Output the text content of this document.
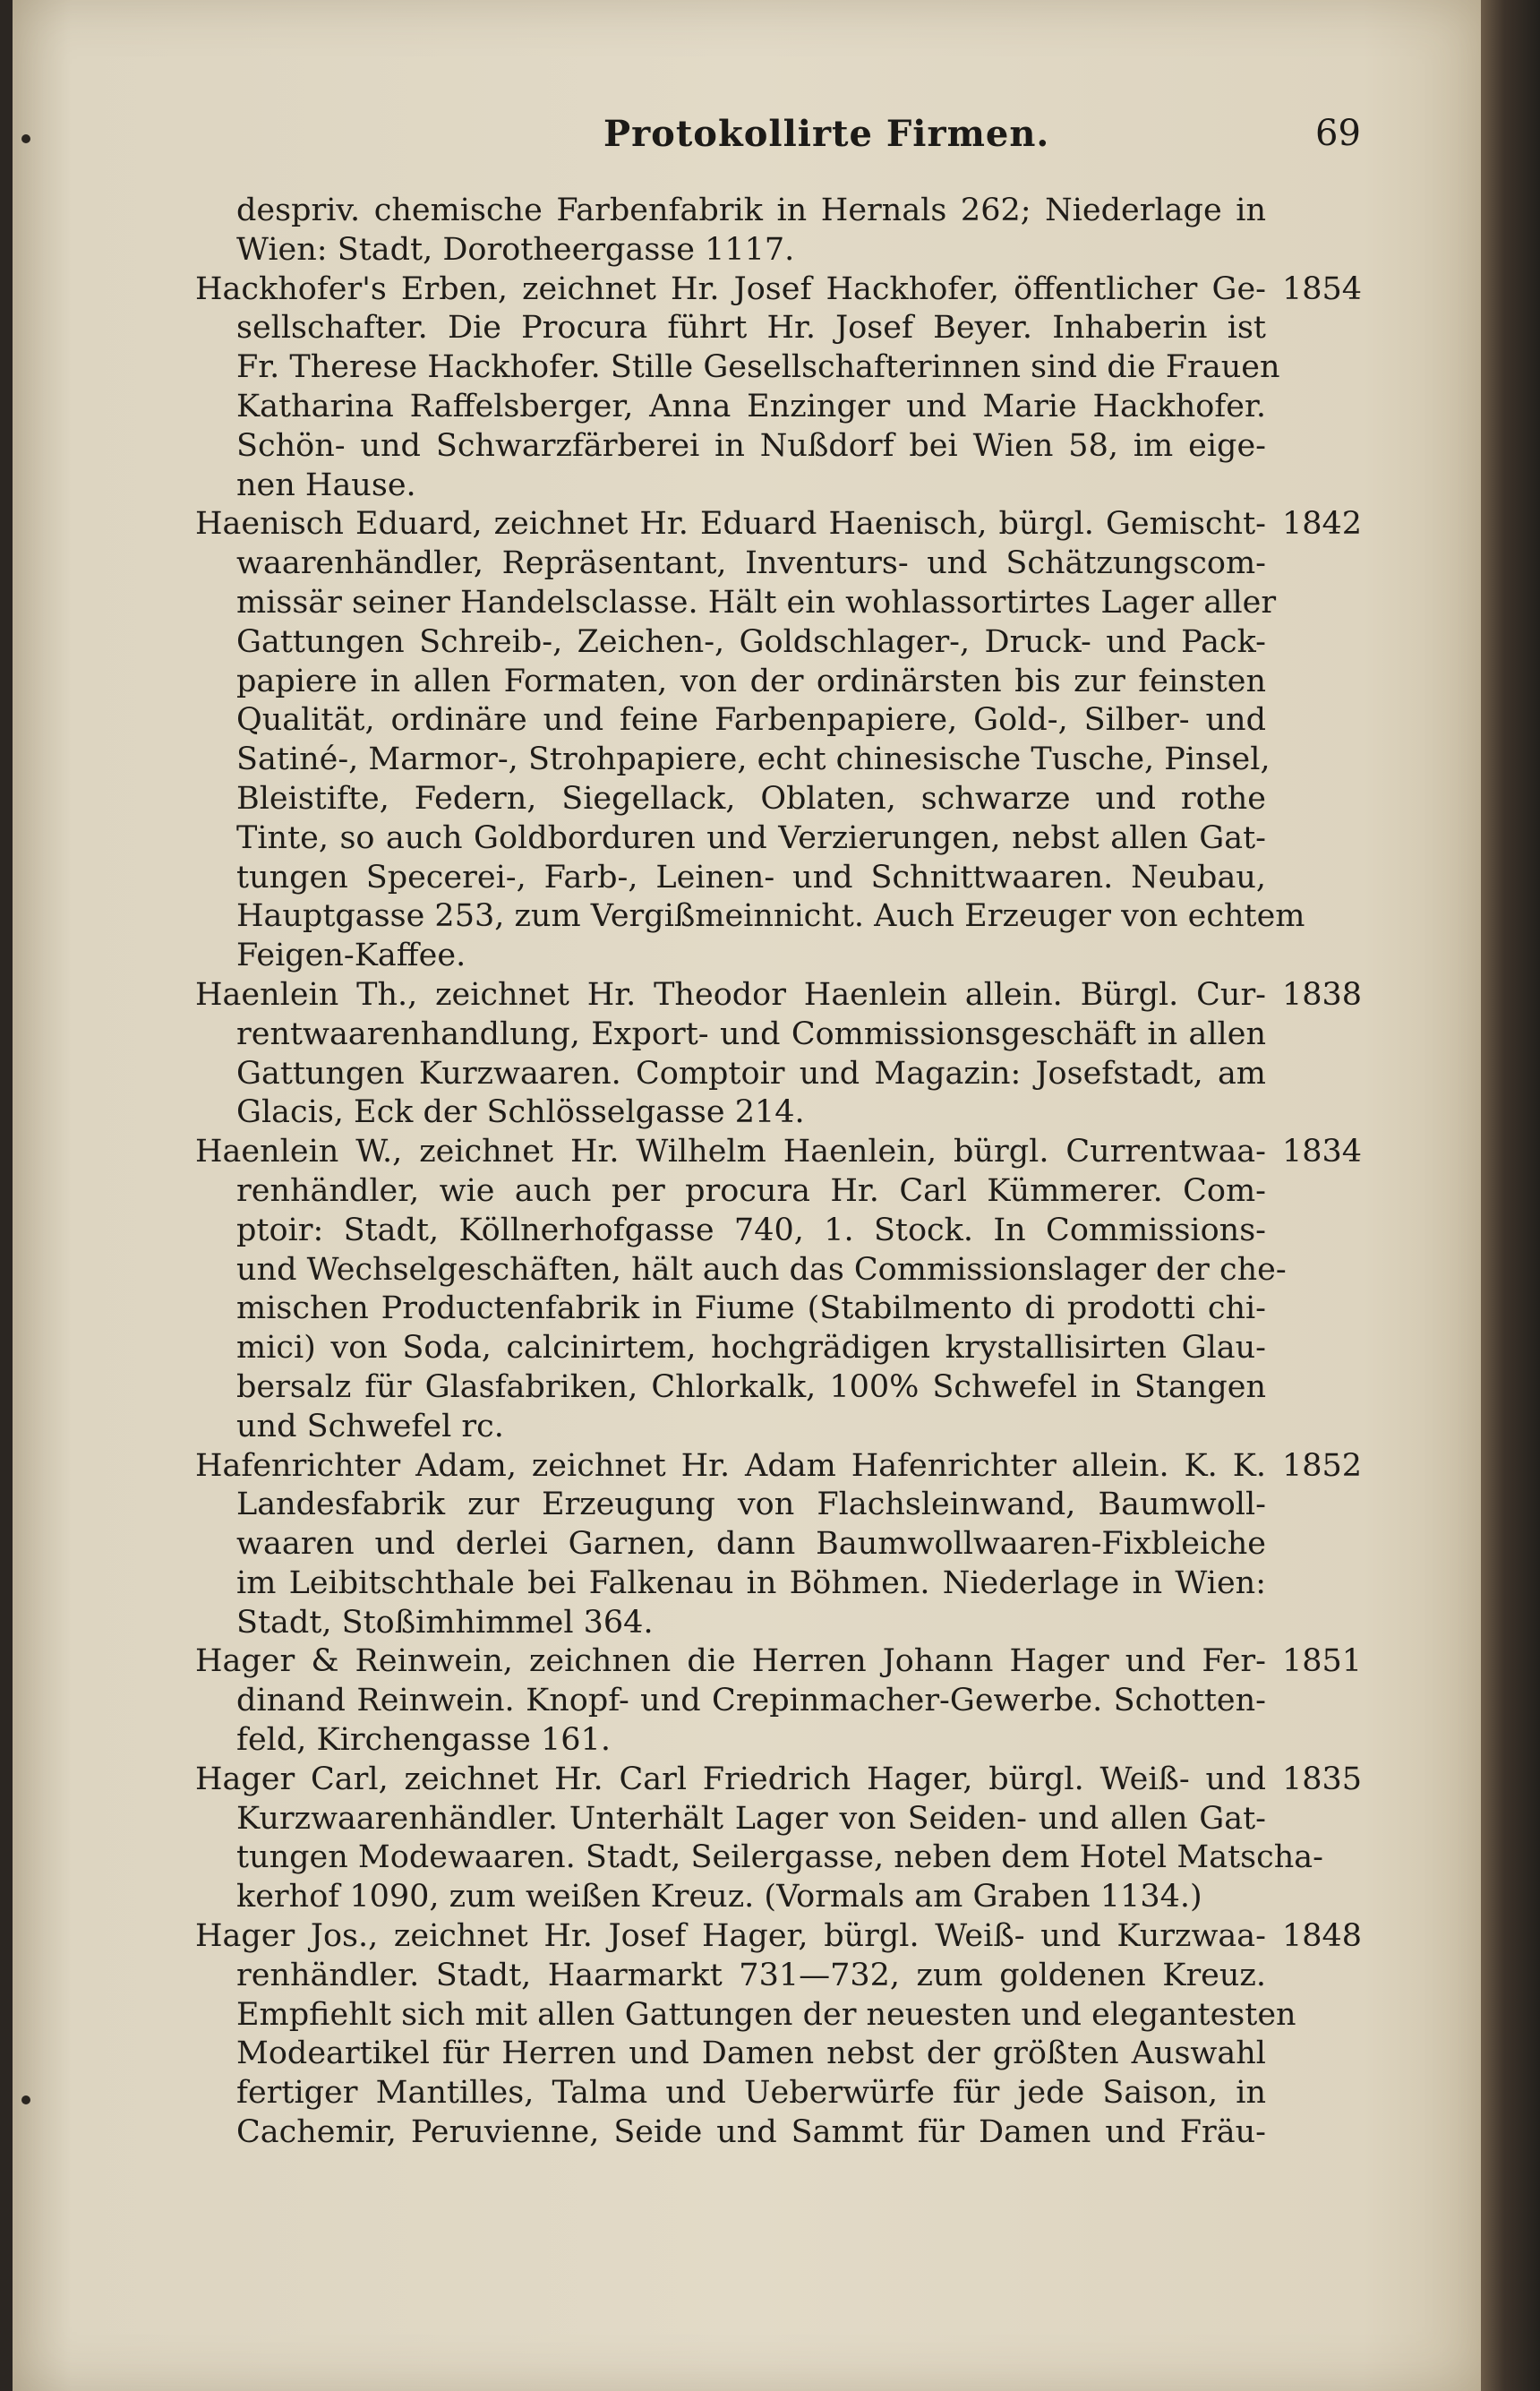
Protokollirte Firmen.	69
despriv. chemische Farbenfabrik in Hernals 262; Niederlage in
Wien: Stadt, Dorotheergasse 1117.
Hackhofer's Erben, zeichnet Hr. Josef Hackhofer, öffentlicher Ge- 1854
sellschafter. Die Procura führt Hr. Josef Beyer. Inhaberin ist
Fr. Therese Hackhofer. Stille Gesellschafterinnen sind die Frauen
Katharina Raffelsberger, Anna Enzinger und Marie Hackhofer.
Schön- und Schwarzfärberei in Nußdorf bei Wien 58, im eige-
nen Hause.
Haenisch Eduard, zeichnet Hr. Eduard Haenisch, bürgl. Gemischt- 1842
waarenhändler, Repräsentant, Inventurs- und Schätzungscom-
missär seiner Handelsclasse. Hält ein wohlassortirtes Lager aller
Gattungen Schreib-, Zeichen-, Goldschlager-, Druck- und Pack-
papiere in allen Formaten, von der ordinärsten bis zur feinsten
Qualität, ordinäre und feine Farbenpapiere, Gold-, Silber- und
Satiné-, Marmor-, Strohpapiere, echt chinesische Tusche, Pinsel,
Bleistifte, Federn, Siegellack, Oblaten, schwarze und rothe
Tinte, so auch Goldborduren und Verzierungen, nebst allen Gat-
tungen Specerei-, Farb-, Leinen- und Schnittwaaren. Neubau,
Hauptgasse 253, zum Vergißmeinnicht. Auch Erzeuger von echtem
Feigen-Kaffee.
Haenlein Th., zeichnet Hr. Theodor Haenlein allein. Bürgl. Cur- 1838
rentwaarenhandlung, Export- und Commissionsgeschäft in allen
Gattungen Kurzwaaren. Comptoir und Magazin: Josefstadt, am
Glacis, Eck der Schlösselgasse 214.
Haenlein W., zeichnet Hr. Wilhelm Haenlein, bürgl. Currentwaa- 1834
renhändler, wie auch per procura Hr. Carl Kümmerer. Com-
ptoir: Stadt, Köllnerhofgasse 740, 1. Stock. In Commissions-
und Wechselgeschäften, hält auch das Commissionslager der che-
mischen Productenfabrik in Fiume (Stabilmento di prodotti chi-
mici) von Soda, calcinirtem, hochgrädigen krystallisirten Glau-
bersalz für Glasfabriken, Chlorkalk, 100% Schwefel in Stangen
und Schwefel rc.
Hafenrichter Adam, zeichnet Hr. Adam Hafenrichter allein. K. K. 1852
Landesfabrik zur Erzeugung von Flachsleinwand, Baumwoll-
waaren und derlei Garnen, dann Baumwollwaaren-Fixbleiche
im Leibitschthale bei Falkenau in Böhmen. Niederlage in Wien:
Stadt, Stoßimhimmel 364.
Hager & Reinwein, zeichnen die Herren Johann Hager und Fer- 1851
dinand Reinwein. Knopf- und Crepinmacher-Gewerbe. Schotten-
feld, Kirchengasse 161.
Hager Carl, zeichnet Hr. Carl Friedrich Hager, bürgl. Weiß- und 1835
Kurzwaarenhändler. Unterhält Lager von Seiden- und allen Gat-
tungen Modewaaren. Stadt, Seilergasse, neben dem Hotel Matscha-
kerhof 1090, zum weißen Kreuz. (Vormals am Graben 1134.)
Hager Jos., zeichnet Hr. Josef Hager, bürgl. Weiß- und Kurzwaa- 1848
renhändler. Stadt, Haarmarkt 731—732, zum goldenen Kreuz.
Empfiehlt sich mit allen Gattungen der neuesten und elegantesten
Modeartikel für Herren und Damen nebst der größten Auswahl
fertiger Mantilles, Talma und Ueberwürfe für jede Saison, in
Cachemir, Peruvienne, Seide und Sammt für Damen und Fräu-
